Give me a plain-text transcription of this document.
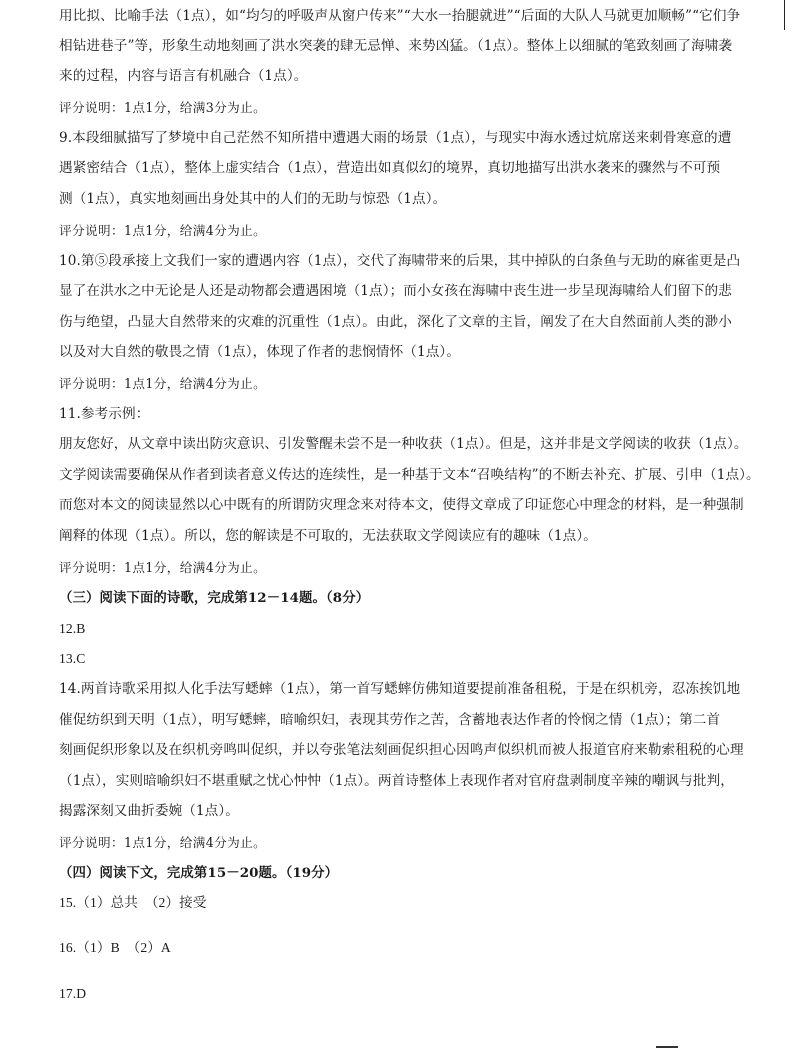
用比拟、比喻手法（1点），如“均匀的呼吸声从窗户传来”“大水一抬腿就进”“后面的大队人马就更加顺畅”“它们争
相钻进巷子”等，形象生动地刻画了洪水突袭的肆无忌惮、来势凶猛。（1点）。整体上以细腻的笔致刻画了海啸袭
来的过程，内容与语言有机融合（1点）。
评分说明：1点1分，给满3分为止。
9.本段细腻描写了梦境中自己茫然不知所措中遭遇大雨的场景（1点），与现实中海水透过炕席送来刺骨寒意的遭
遇紧密结合（1点），整体上虚实结合（1点），营造出如真似幻的境界，真切地描写出洪水袭来的骤然与不可预
测（1点），真实地刻画出身处其中的人们的无助与惊恐（1点）。
评分说明：1点1分，给满4分为止。
10.第⑤段承接上文我们一家的遭遇内容（1点），交代了海啸带来的后果，其中掉队的白条鱼与无助的麻雀更是凸
显了在洪水之中无论是人还是动物都会遭遇困境（1点）；而小女孩在海啸中丧生进一步呈现海啸给人们留下的悲
伤与绝望，凸显大自然带来的灾难的沉重性（1点）。由此，深化了文章的主旨，阐发了在大自然面前人类的渺小
以及对大自然的敬畏之情（1点），体现了作者的悲悯情怀（1点）。
评分说明：1点1分，给满4分为止。
11.参考示例：
朋友您好，从文章中读出防灾意识、引发警醒未尝不是一种收获（1点）。但是，这并非是文学阅读的收获（1点）。
文学阅读需要确保从作者到读者意义传达的连续性，是一种基于文本“召唤结构”的不断去补充、扩展、引申（1点）。
而您对本文的阅读显然以心中既有的所谓防灾理念来对待本文，使得文章成了印证您心中理念的材料，是一种强制
阐释的体现（1点）。所以，您的解读是不可取的，无法获取文学阅读应有的趣味（1点）。
评分说明：1点1分，给满4分为止。
（三）阅读下面的诗歌，完成第12－14题。（8分）
12.B
13.C
14.两首诗歌采用拟人化手法写蟋蟀（1点），第一首写蟋蟀仿佛知道要提前准备租税，于是在织机旁，忍冻挨饥地
催促纺织到天明（1点），明写蟋蟀，暗喻织妇，表现其劳作之苦，含蓄地表达作者的怜悯之情（1点）；第二首
刻画促织形象以及在织机旁鸣叫促织，并以夸张笔法刻画促织担心因鸣声似织机而被人报道官府来勒索租税的心理
（1点），实则暗喻织妇不堪重赋之忧心忡忡（1点）。两首诗整体上表现作者对官府盘剥制度辛辣的嘲讽与批判，
揭露深刻又曲折委婉（1点）。
评分说明：1点1分，给满4分为止。
（四）阅读下文，完成第15－20题。（19分）
15.（1）总共　（2）接受
16.（1）B　（2）A
17.D
